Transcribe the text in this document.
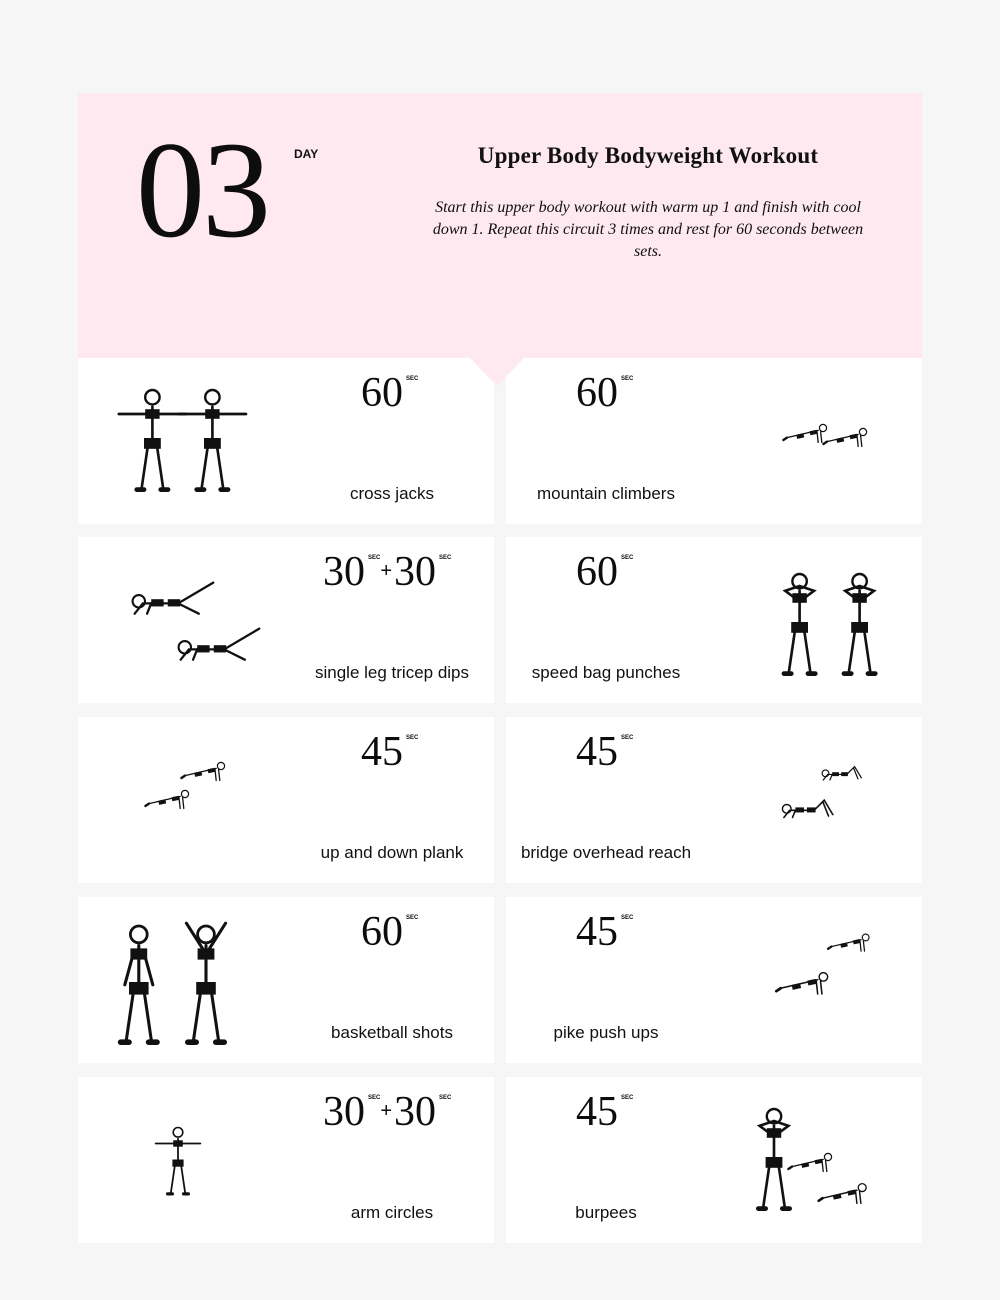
03 DAY	Upper Body Bodyweight Workout
Start this upper body workout with warm up 1 and finish with cool down 1. Repeat this circuit 3 times and rest for 60 seconds between sets.
60 $^{SEC}$
cross jacks
60 $^{SEC}$
mountain climbers
30 $^{SEC}$+30 $^{SEC}$
single leg tricep dips
60 $^{SEC}$
speed bag punches
45 $^{SEC}$
up and down plank
45 $^{SEC}$
bridge overhead reach
60 $^{SEC}$
basketball shots
45 $^{SEC}$
pike push ups
30 $^{SEC}$+30 $^{SEC}$
arm circles
45 $^{SEC}$
burpees
